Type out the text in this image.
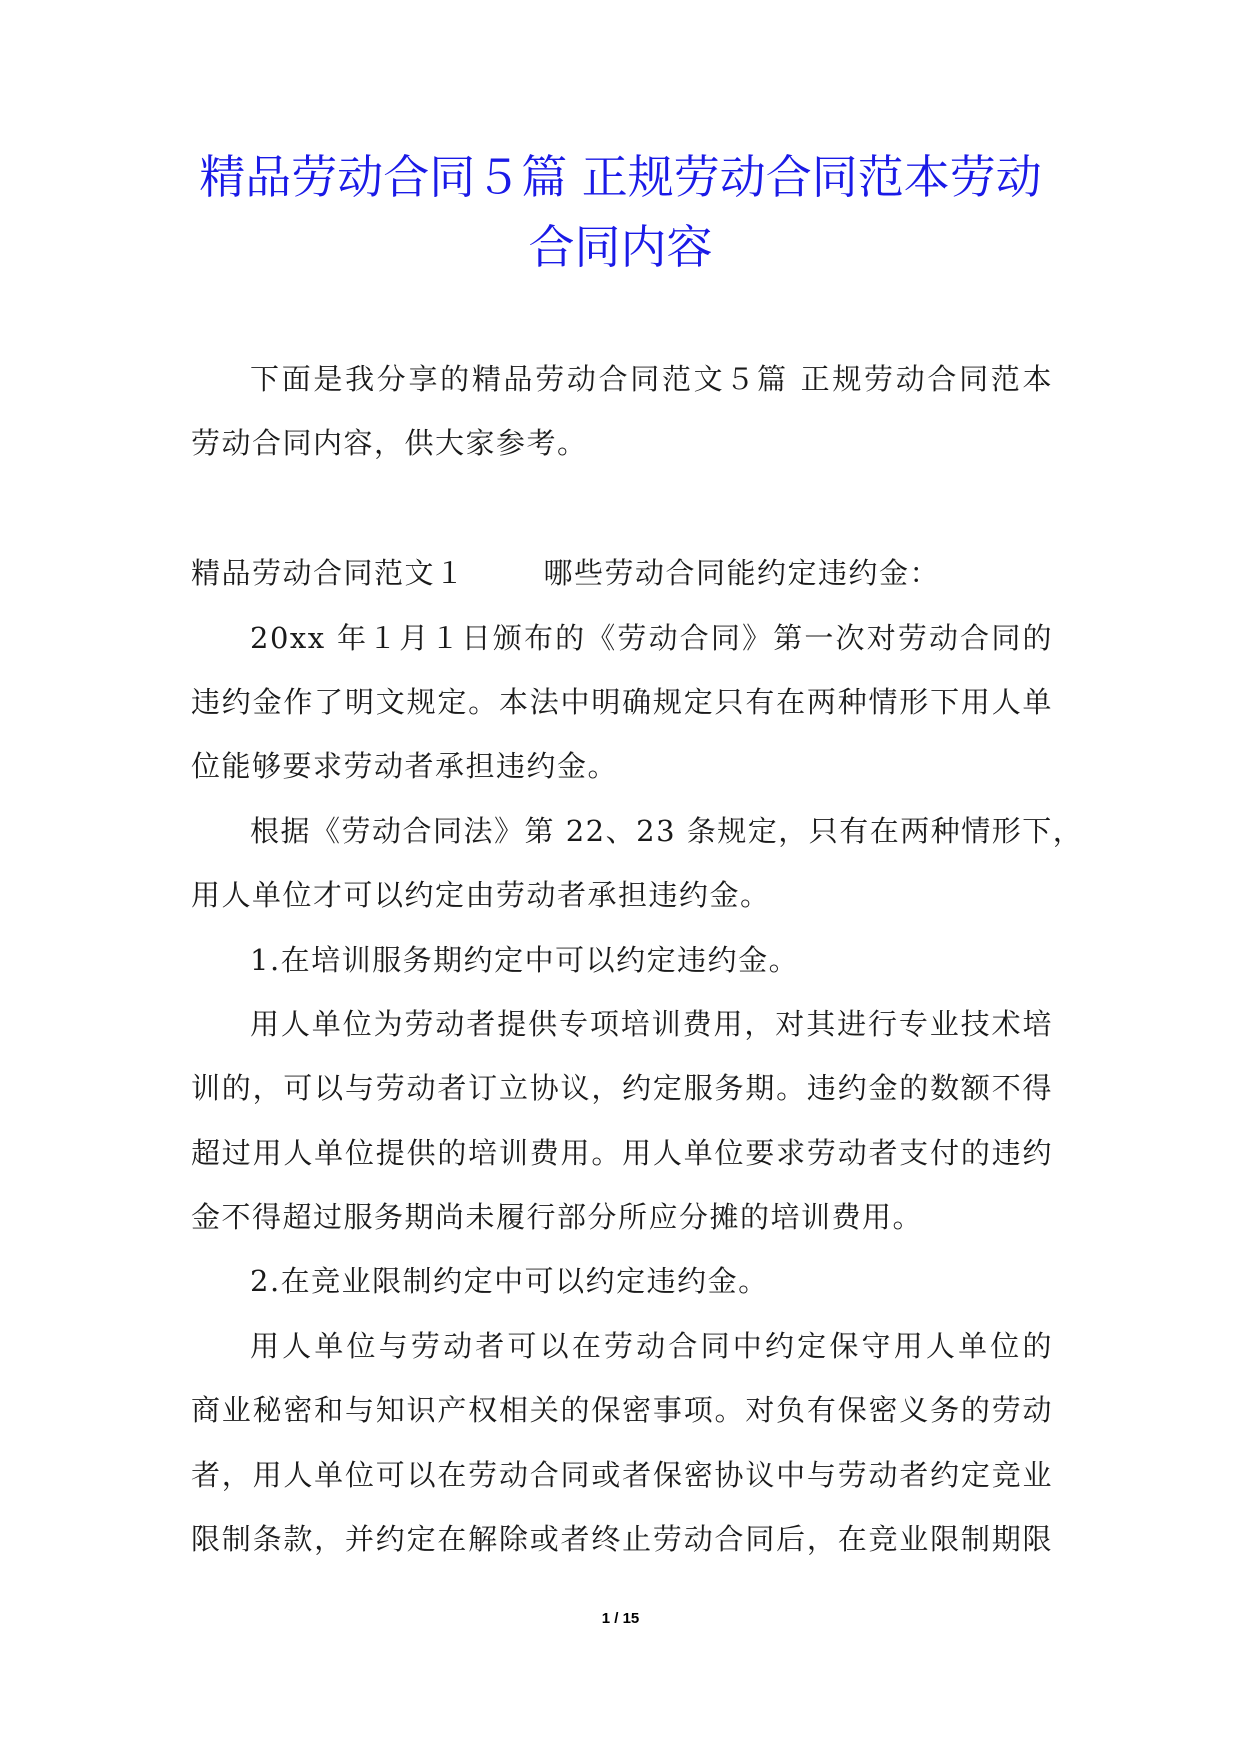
精品劳动合同５篇 正规劳动合同范本劳动
合同内容
下面是我分享的精品劳动合同范文５篇 正规劳动合同范本
劳动合同内容，供大家参考。
精品劳动合同范文１	哪些劳动合同能约定违约金：
20xx 年１月１日颁布的《劳动合同》第一次对劳动合同的
违约金作了明文规定。本法中明确规定只有在两种情形下用人单
位能够要求劳动者承担违约金。
根据《劳动合同法》第 22、23 条规定，只有在两种情形下，
用人单位才可以约定由劳动者承担违约金。
1.在培训服务期约定中可以约定违约金。
用人单位为劳动者提供专项培训费用，对其进行专业技术培
训的，可以与劳动者订立协议，约定服务期。违约金的数额不得
超过用人单位提供的培训费用。用人单位要求劳动者支付的违约
金不得超过服务期尚未履行部分所应分摊的培训费用。
2.在竞业限制约定中可以约定违约金。
用人单位与劳动者可以在劳动合同中约定保守用人单位的
商业秘密和与知识产权相关的保密事项。对负有保密义务的劳动
者，用人单位可以在劳动合同或者保密协议中与劳动者约定竞业
限制条款，并约定在解除或者终止劳动合同后，在竞业限制期限
1 / 15
